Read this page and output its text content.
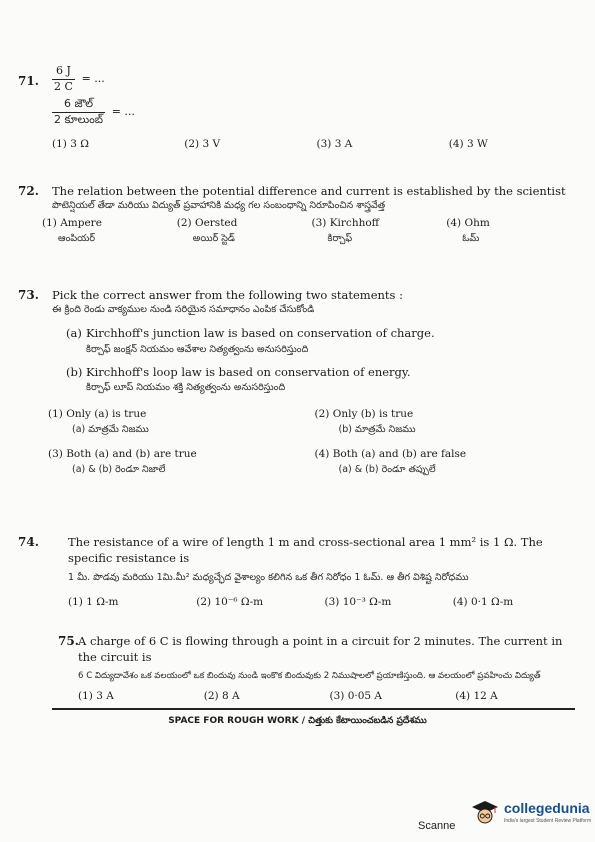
71. $\frac{6 J}{2 C}$ = ...
$\frac{\text{6 జౌల్}}{\text{2 కూలుంబ్}}$ = ...
(1) 3 Ω	(2) 3 V	(3) 3 A	(4) 3 W
72. The relation between the potential difference and current is established by the scientist
పొటెన్షియల్ తేడా మరియు విద్యుత్ ప్రవాహానికి మధ్య గల సంబంధాన్ని నిరూపించిన శాస్త్రవేత్త
(1) Ampere
ఆంపియర్
(2) Oersted
అయిర్ స్టెడ్
(3) Kirchhoff
కిర్చాఫ్
(4) Ohm
ఓమ్
73. Pick the correct answer from the following two statements :
ఈ క్రింది రెండు వాక్యముల నుండి సరియైన సమాధానం ఎంపిక చేసుకోండి
(a) Kirchhoff's junction law is based on conservation of charge.
కిర్చాఫ్ జంక్షన్ నియమం ఆవేశాల నిత్యత్వంను అనుసరిస్తుంది
(b) Kirchhoff's loop law is based on conservation of energy.
కిర్చాఫ్ లూప్ నియమం శక్తి నిత్యత్వంను అనుసరిస్తుంది
(1) Only (a) is true
(a) మాత్రమే నిజము
(2) Only (b) is true
(b) మాత్రమే నిజము
(3) Both (a) and (b) are true
(a) & (b) రెండూ నిజాలే
(4) Both (a) and (b) are false
(a) & (b) రెండూ తప్పులే
74.	The resistance of a wire of length 1 m and cross-sectional area 1 mm² is 1 Ω. The specific resistance is
1 మీ. పొడవు మరియు 1మి.మీ² మధ్యచ్ఛేద వైశాల్యం కలిగిన ఒక తీగ నిరోధం 1 ఓమ్. ఆ తీగ విశిష్ట నిరోధము
(1) 1 Ω-m	(2) 10⁻⁶ Ω-m	(3) 10⁻³ Ω-m	(4) 0·1 Ω-m
75. A charge of 6 C is flowing through a point in a circuit for 2 minutes. The current in the circuit is
6 C విద్యుదావేశం ఒక వలయంలో ఒక బిందువు నుండి ఇంకొక బిందువుకు 2 నిముషాలలో ప్రయాణిస్తుంది. ఆ వలయంలో ప్రవహించు విద్యుత్
(1) 3 A	(2) 8 A	(3) 0·05 A	(4) 12 A
SPACE FOR ROUGH WORK / చిత్తుకు కేటాయించబడిన ప్రదేశము
Scanne
collegedunia
India's largest Student Review Platform
